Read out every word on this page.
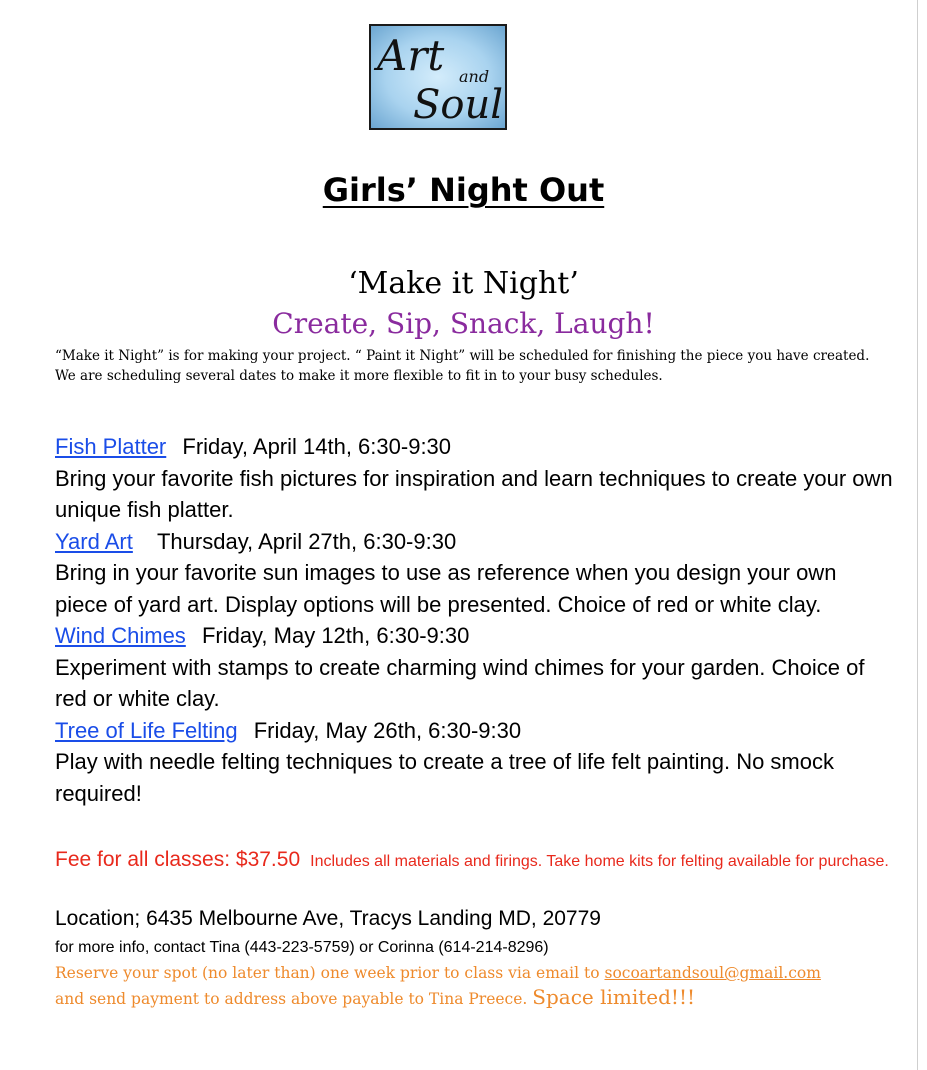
Art and
Soul
Girls’ Night Out
‘Make it Night’
Create, Sip, Snack, Laugh!
“Make it Night” is for making your project. “ Paint it Night” will be scheduled for finishing the piece you have created. We are scheduling several dates to make it more flexible to fit in to your busy schedules.

Fish Platter Friday, April 14th, 6:30-9:30

Bring your favorite fish pictures for inspiration and learn techniques to create your own unique fish platter.

Yard Art Thursday, April 27th, 6:30-9:30

Bring in your favorite sun images to use as reference when you design your own piece of yard art. Display options will be presented. Choice of red or white clay.

Wind Chimes Friday, May 12th, 6:30-9:30

Experiment with stamps to create charming wind chimes for your garden. Choice of red or white clay.

Tree of Life Felting Friday, May 26th, 6:30-9:30

Play with needle felting techniques to create a tree of life felt painting. No smock required!

Fee for all classes: $37.50 Includes all materials and firings. Take home kits for felting available for purchase.
Location; 6435 Melbourne Ave, Tracys Landing MD, 20779
for more info, contact Tina (443-223-5759) or Corinna (614-214-8296)
Reserve your spot (no later than) one week prior to class via email to socoartandsoul@gmail.com and send payment to address above payable to Tina Preece. Space limited!!!
